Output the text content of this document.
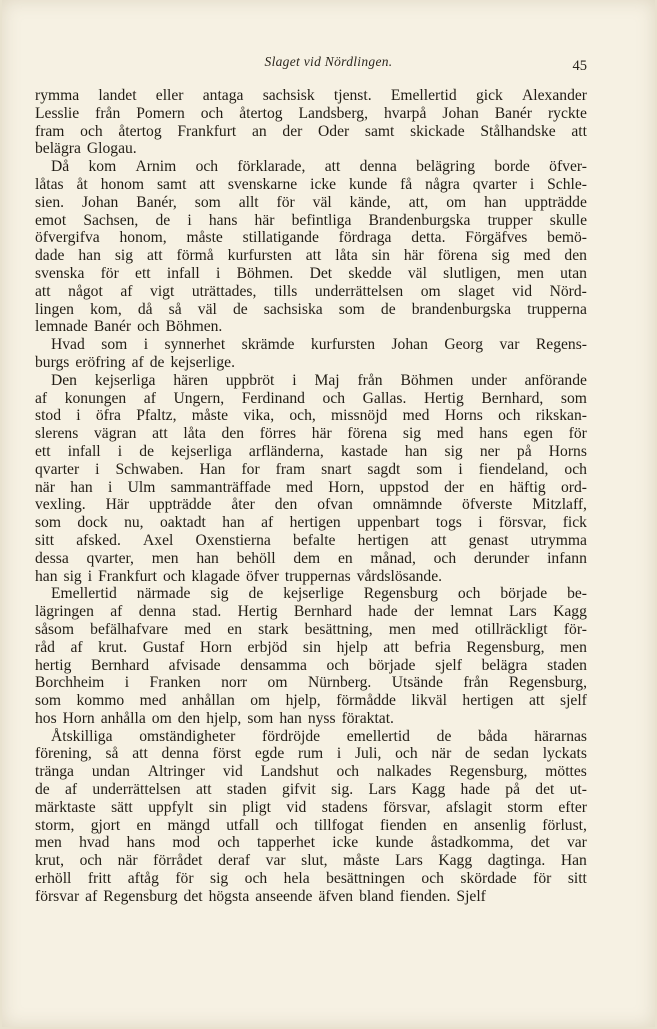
Slaget vid Nördlingen.	45
rymma landet eller antaga sachsisk tjenst. Emellertid gick Alexander
Lesslie från Pomern och återtog Landsberg, hvarpå Johan Banér ryckte
fram och återtog Frankfurt an der Oder samt skickade Stålhandske att
belägra Glogau.
Då kom Arnim och förklarade, att denna belägring borde öfver-
låtas åt honom samt att svenskarne icke kunde få några qvarter i Schle-
sien. Johan Banér, som allt för väl kände, att, om han uppträdde
emot Sachsen, de i hans här befintliga Brandenburgska trupper skulle
öfvergifva honom, måste stillatigande fördraga detta. Förgäfves bemö-
dade han sig att förmå kurfursten att låta sin här förena sig med den
svenska för ett infall i Böhmen. Det skedde väl slutligen, men utan
att något af vigt uträttades, tills underrättelsen om slaget vid Nörd-
lingen kom, då så väl de sachsiska som de brandenburgska trupperna
lemnade Banér och Böhmen.
Hvad som i synnerhet skrämde kurfursten Johan Georg var Regens-
burgs eröfring af de kejserlige.
Den kejserliga hären uppbröt i Maj från Böhmen under anförande
af konungen af Ungern, Ferdinand och Gallas. Hertig Bernhard, som
stod i öfra Pfaltz, måste vika, och, missnöjd med Horns och rikskan-
slerens vägran att låta den förres här förena sig med hans egen för
ett infall i de kejserliga arfländerna, kastade han sig ner på Horns
qvarter i Schwaben. Han for fram snart sagdt som i fiendeland, och
när han i Ulm sammanträffade med Horn, uppstod der en häftig ord-
vexling. Här uppträdde åter den ofvan omnämnde öfverste Mitzlaff,
som dock nu, oaktadt han af hertigen uppenbart togs i försvar, fick
sitt afsked. Axel Oxenstierna befalte hertigen att genast utrymma
dessa qvarter, men han behöll dem en månad, och derunder infann
han sig i Frankfurt och klagade öfver truppernas vårdslösande.
Emellertid närmade sig de kejserlige Regensburg och började be-
lägringen af denna stad. Hertig Bernhard hade der lemnat Lars Kagg
såsom befälhafvare med en stark besättning, men med otillräckligt för-
råd af krut. Gustaf Horn erbjöd sin hjelp att befria Regensburg, men
hertig Bernhard afvisade densamma och började sjelf belägra staden
Borchheim i Franken norr om Nürnberg. Utsände från Regensburg,
som kommo med anhållan om hjelp, förmådde likväl hertigen att sjelf
hos Horn anhålla om den hjelp, som han nyss föraktat.
Åtskilliga omständigheter fördröjde emellertid de båda härarnas
förening, så att denna först egde rum i Juli, och när de sedan lyckats
tränga undan Altringer vid Landshut och nalkades Regensburg, möttes
de af underrättelsen att staden gifvit sig. Lars Kagg hade på det ut-
märktaste sätt uppfylt sin pligt vid stadens försvar, afslagit storm efter
storm, gjort en mängd utfall och tillfogat fienden en ansenlig förlust,
men hvad hans mod och tapperhet icke kunde åstadkomma, det var
krut, och när förrådet deraf var slut, måste Lars Kagg dagtinga. Han
erhöll fritt aftåg för sig och hela besättningen och skördade för sitt
försvar af Regensburg det högsta anseende äfven bland fienden. Sjelf
